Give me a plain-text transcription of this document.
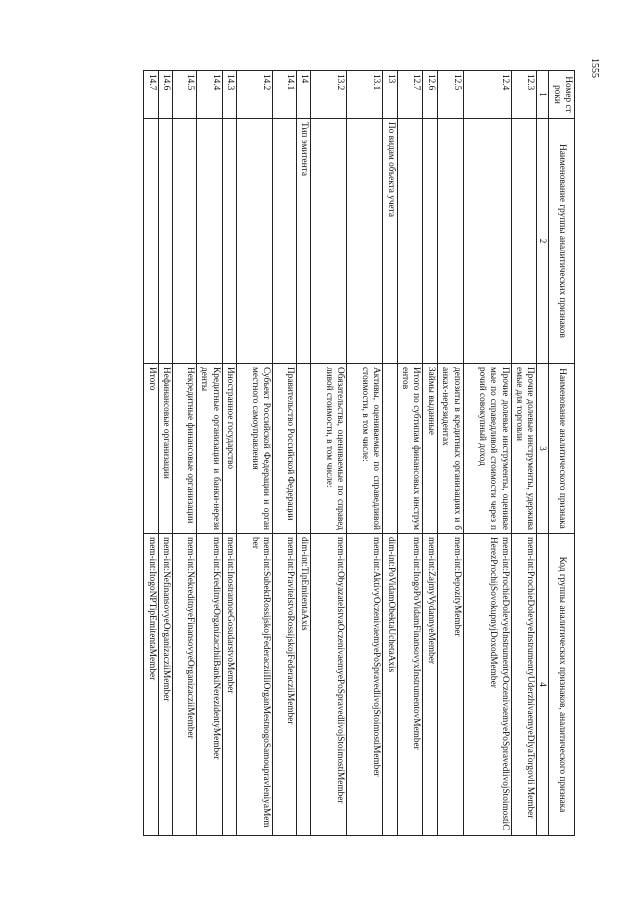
1555
Номер строки	Наименование группы аналитических признаков	Наименование аналитического признака	Код группы аналитических признаков, аналитического признака
1	2	3	4
12.3		Прочие долевые инструменты, удерживаемые для торговли	mem-int:ProchieDolevyeInstrumentyUderzhivaemyeDlyaTorgovli Member
12.4		Прочие долевые инструменты, оцениваемые по справедливой стоимости через прочий совокупный доход	mem-int:ProchieDolevyeInstrumentyOczenivaemyePoSpravedlivojStoimostiCHerezProchijSovokupnyjDoxodMember
12.5		депозиты в кредитных организациях и банках-нерезидентах	mem-int:DepozityMember
12.6		Займы выданные	mem-int:ZajmyVydannyeMember
12.7		Итого по субтипам финансовых инструментов	mem-int:ItogoPoVidamFinansovyxInstrumentovMember
13	По видам объекта учета		dim-int:PoVidamObektaUchetaAxis
13.1		Активы, оцениваемые по справедливой стоимости, в том числе:	mem-int:AktivyOczenivaemyePoSpravedlivojStoimostiMember
13.2		Обязательства, оцениваемые по справедливой стоимости, в том числе:	mem-int:ObyazatelstvaOczenivaemyePoSpravedlivojStoimostiMember
14	Тип эмитента		dim-int:TipEmitentaAxis
14.1		Правительство Российской Федерации	mem-int:PravitelstvoRossijskojFederacziiMember
14.2		Субъект Российской Федерации и орган местного самоуправления	mem-int:SubektRossijskojFederacziiIliOrganMestnogoSamoupravleniyaMember
14.3		Иностранное государство	mem-int:InostrannoeGosudarstvoMember
14.4		Кредитные организации и банки-нерезиденты	mem-int:KreditnyeOrganizaczhiiBankiNerezidentyMember
14.5		Некредитные финансовые организации	mem-int:NekreditnyeFinansovyeOrganizacziiMember
14.6		Нефинансовые организации	mem-int:NefinansovyeOrganizacziiMember
14.7		Итого	mem-int:ItogoNPTipEmitentaMember
